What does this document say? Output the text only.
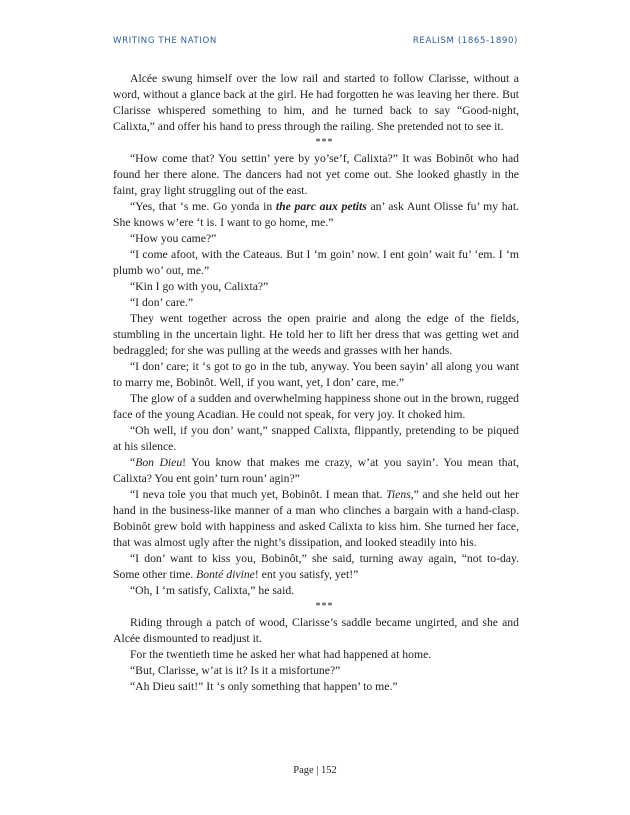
WRITING THE NATION	REALISM (1865-1890)

Alcée swung himself over the low rail and started to follow Clarisse, without a word, without a glance back at the girl. He had forgotten he was leaving her there. But Clarisse whispered something to him, and he turned back to say “Good-night, Calixta,” and offer his hand to press through the railing. She pretended not to see it.

***

“How come that? You settin’ yere by yo’se’f, Calixta?” It was Bobinôt who had found her there alone. The dancers had not yet come out. She looked ghastly in the faint, gray light struggling out of the east.

“Yes, that ‘s me. Go yonda in the parc aux petits an’ ask Aunt Olisse fu’ my hat. She knows w’ere ‘t is. I want to go home, me.”

“How you came?”

“I come afoot, with the Cateaus. But I ‘m goin’ now. I ent goin’ wait fu’ ‘em. I ‘m plumb wo’ out, me.”

“Kin I go with you, Calixta?”

“I don’ care.”

They went together across the open prairie and along the edge of the fields, stumbling in the uncertain light. He told her to lift her dress that was getting wet and bedraggled; for she was pulling at the weeds and grasses with her hands.

“I don’ care; it ‘s got to go in the tub, anyway. You been sayin’ all along you want to marry me, Bobinôt. Well, if you want, yet, I don’ care, me.”

The glow of a sudden and overwhelming happiness shone out in the brown, rugged face of the young Acadian. He could not speak, for very joy. It choked him.

“Oh well, if you don’ want,” snapped Calixta, flippantly, pretending to be piqued at his silence.

“Bon Dieu! You know that makes me crazy, w’at you sayin’. You mean that, Calixta? You ent goin’ turn roun’ agin?”

“I neva tole you that much yet, Bobinôt. I mean that. Tiens,” and she held out her hand in the business-like manner of a man who clinches a bargain with a hand-clasp. Bobinôt grew bold with happiness and asked Calixta to kiss him. She turned her face, that was almost ugly after the night’s dissipation, and looked steadily into his.

“I don’ want to kiss you, Bobinôt,” she said, turning away again, “not to-day. Some other time. Bonté divine! ent you satisfy, yet!”

“Oh, I ‘m satisfy, Calixta,” he said.

***

Riding through a patch of wood, Clarisse’s saddle became ungirted, and she and Alcée dismounted to readjust it.

For the twentieth time he asked her what had happened at home.

“But, Clarisse, w’at is it? Is it a misfortune?”

“Ah Dieu sait!” It ‘s only something that happen’ to me.”

Page | 152
